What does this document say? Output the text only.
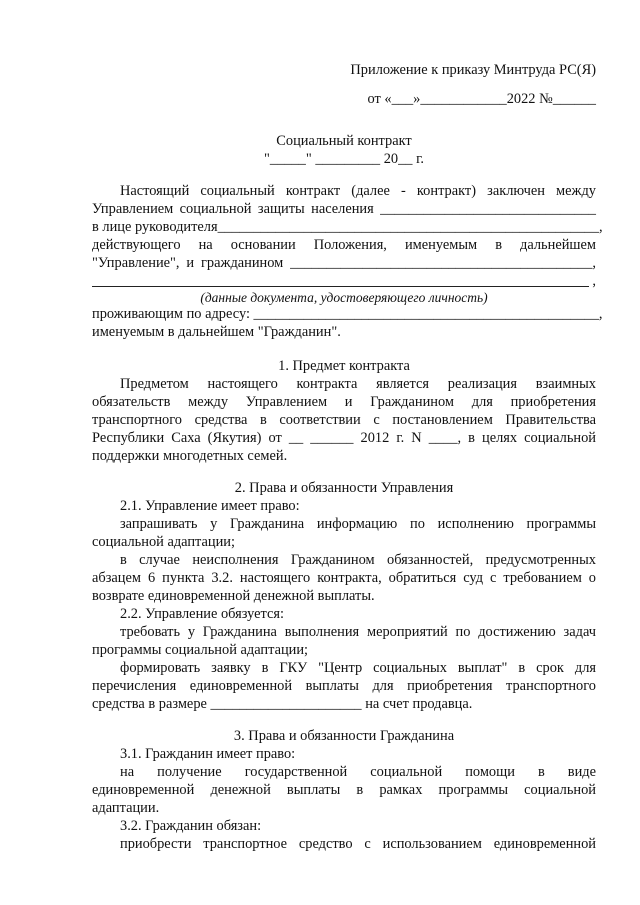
Приложение к приказу Минтруда РС(Я)

от «___»____________2022 №______

Социальный контракт

"_____" _________ 20__ г.

Настоящий социальный контракт (далее - контракт) заключен между

Управлением социальной защиты населения ______________________________

в лице руководителя_____________________________________________________,

действующего на основании Положения, именуемым в дальнейшем

"Управление", и гражданином __________________________________________,

,

(данные документа, удостоверяющего личность)

проживающим по адресу: ________________________________________________,

именуемым в дальнейшем "Гражданин".

1. Предмет контракта

Предметом настоящего контракта является реализация взаимных

обязательств между Управлением и Гражданином для приобретения

транспортного средства в соответствии с постановлением Правительства

Республики Саха (Якутия) от __ ______ 2012 г. N ____, в целях социальной

поддержки многодетных семей.

2. Права и обязанности Управления

2.1. Управление имеет право:

запрашивать у Гражданина информацию по исполнению программы

социальной адаптации;

в случае неисполнения Гражданином обязанностей, предусмотренных

абзацем 6 пункта 3.2. настоящего контракта, обратиться суд с требованием о

возврате единовременной денежной выплаты.

2.2. Управление обязуется:

требовать у Гражданина выполнения мероприятий по достижению задач

программы социальной адаптации;

формировать заявку в ГКУ "Центр социальных выплат" в срок для

перечисления единовременной выплаты для приобретения транспортного

средства в размере _____________________ на счет продавца.

3. Права и обязанности Гражданина

3.1. Гражданин имеет право:

на получение государственной социальной помощи в виде

единовременной денежной выплаты в рамках программы социальной

адаптации.

3.2. Гражданин обязан:

приобрести транспортное средство с использованием единовременной
